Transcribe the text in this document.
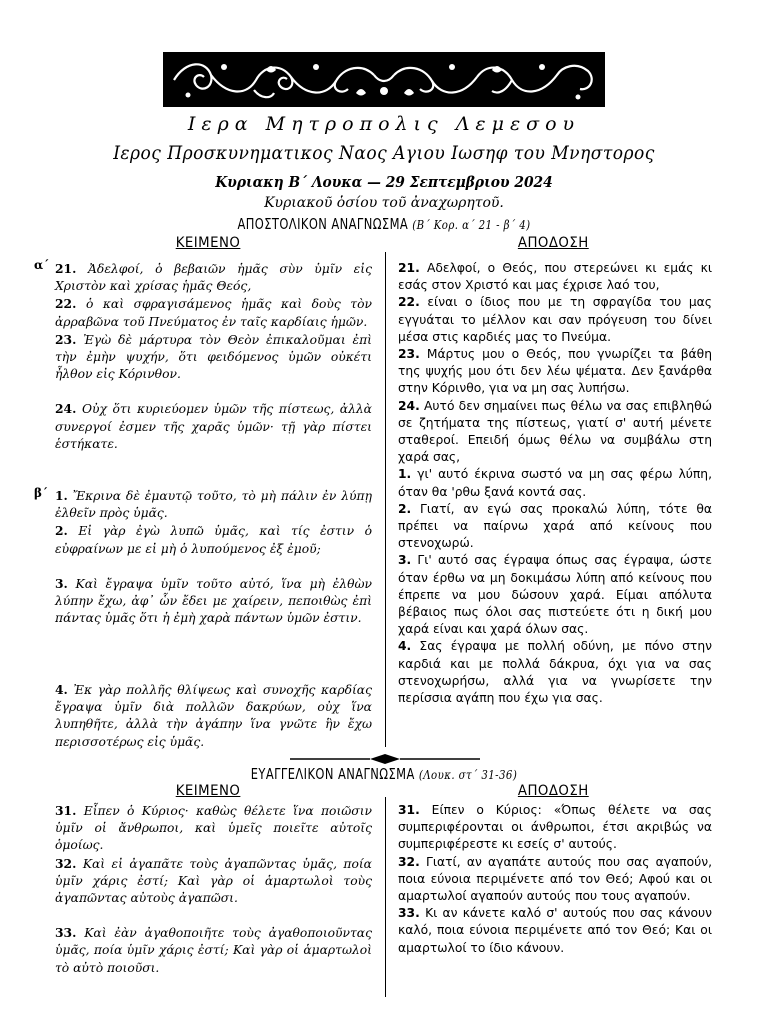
Ιερα Μητροπολις Λεμεσου
Ιερος Προσκυνηματικος Ναος Αγιου Ιωσηφ του Μνηστορος
Κυριακη Β΄ Λουκα — 29 Σεπτεμβριου 2024
Κυριακοῦ ὁσίου τοῦ ἀναχωρητοῦ.
ΑΠΟΣΤΟΛΙΚΟΝ ΑΝΑΓΝΩΣΜΑ (Β΄ Κορ. α΄ 21 - β΄ 4)
ΚΕΙΜΕΝΟ	ΑΠΟΔΟΣΗ
α΄
β΄

21. Ἀδελφοί, ὁ βεβαιῶν ἡμᾶς σὺν ὑμῖν εἰς Χριστὸν καὶ χρίσας ἡμᾶς Θεός,

22. ὁ καὶ σφραγισάμενος ἡμᾶς καὶ δοὺς τὸν ἀρραβῶνα τοῦ Πνεύματος ἐν ταῖς καρδίαις ἡμῶν.

23. Ἐγὼ δὲ μάρτυρα τὸν Θεὸν ἐπικαλοῦμαι ἐπὶ τὴν ἐμὴν ψυχήν, ὅτι φειδόμενος ὑμῶν οὐκέτι ἦλθον εἰς Κόρινθον.

24. Οὐχ ὅτι κυριεύομεν ὑμῶν τῆς πίστεως, ἀλλὰ συνεργοί ἐσμεν τῆς χαρᾶς ὑμῶν· τῇ γὰρ πίστει ἑστήκατε.

1. Ἔκρινα δὲ ἐμαυτῷ τοῦτο, τὸ μὴ πάλιν ἐν λύπῃ ἐλθεῖν πρὸς ὑμᾶς.

2. Εἰ γὰρ ἐγὼ λυπῶ ὑμᾶς, καὶ τίς ἐστιν ὁ εὐφραίνων με εἰ μὴ ὁ λυπούμενος ἐξ ἐμοῦ;

3. Καὶ ἔγραψα ὑμῖν τοῦτο αὐτό, ἵνα μὴ ἐλθὼν λύπην ἔχω, ἀφ᾿ ὧν ἔδει με χαίρειν, πεποιθὼς ἐπὶ πάντας ὑμᾶς ὅτι ἡ ἐμὴ χαρὰ πάντων ὑμῶν ἐστιν.

4. Ἐκ γὰρ πολλῆς θλίψεως καὶ συνοχῆς καρδίας ἔγραψα ὑμῖν διὰ πολλῶν δακρύων, οὐχ ἵνα λυπηθῆτε, ἀλλὰ τὴν ἀγάπην ἵνα γνῶτε ἣν ἔχω περισσοτέρως εἰς ὑμᾶς.

21. Αδελφοί, ο Θεός, που στερεώνει κι εμάς κι εσάς στον Χριστό και μας έχρισε λαό του,

22. είναι ο ίδιος που με τη σφραγίδα του μας εγγυάται το μέλλον και σαν πρόγευση του δίνει μέσα στις καρδιές μας το Πνεύμα.

23. Μάρτυς μου ο Θεός, που γνωρίζει τα βάθη της ψυχής μου ότι δεν λέω ψέματα. Δεν ξανάρθα στην Κόρινθο, για να μη σας λυπήσω.

24. Αυτό δεν σημαίνει πως θέλω να σας επιβληθώ σε ζητήματα της πίστεως, γιατί σ' αυτή μένετε σταθεροί. Επειδή όμως θέλω να συμβάλω στη χαρά σας,

1. γι' αυτό έκρινα σωστό να μη σας φέρω λύπη, όταν θα 'ρθω ξανά κοντά σας.

2. Γιατί, αν εγώ σας προκαλώ λύπη, τότε θα πρέπει να παίρνω χαρά από κείνους που στενοχωρώ.

3. Γι' αυτό σας έγραψα όπως σας έγραψα, ώστε όταν έρθω να μη δοκιμάσω λύπη από κείνους που έπρεπε να μου δώσουν χαρά. Είμαι απόλυτα βέβαιος πως όλοι σας πιστεύετε ότι η δική μου χαρά είναι και χαρά όλων σας.

4. Σας έγραψα με πολλή οδύνη, με πόνο στην καρδιά και με πολλά δάκρυα, όχι για να σας στενοχωρήσω, αλλά για να γνωρίσετε την περίσσια αγάπη που έχω για σας.

ΕΥΑΓΓΕΛΙΚΟΝ ΑΝΑΓΝΩΣΜΑ (Λουκ. στ΄ 31-36)
ΚΕΙΜΕΝΟ	ΑΠΟΔΟΣΗ

31. Εἶπεν ὁ Κύριος· καθὼς θέλετε ἵνα ποιῶσιν ὑμῖν οἱ ἄνθρωποι, καὶ ὑμεῖς ποιεῖτε αὐτοῖς ὁμοίως.

32. Καὶ εἰ ἀγαπᾶτε τοὺς ἀγαπῶντας ὑμᾶς, ποία ὑμῖν χάρις ἐστί; Καὶ γὰρ οἱ ἁμαρτωλοὶ τοὺς ἀγαπῶντας αὐτοὺς ἀγαπῶσι.

33. Καὶ ἐὰν ἀγαθοποιῆτε τοὺς ἀγαθοποιοῦντας ὑμᾶς, ποία ὑμῖν χάρις ἐστί; Καὶ γὰρ οἱ ἁμαρτωλοὶ τὸ αὐτὸ ποιοῦσι.

31. Είπεν ο Κύριος: «Όπως θέλετε να σας συμπεριφέρονται οι άνθρωποι, έτσι ακριβώς να συμπεριφέρεστε κι εσείς σ' αυτούς.

32. Γιατί, αν αγαπάτε αυτούς που σας αγαπούν, ποια εύνοια περιμένετε από τον Θεό; Αφού και οι αμαρτωλοί αγαπούν αυτούς που τους αγαπούν.

33. Κι αν κάνετε καλό σ' αυτούς που σας κάνουν καλό, ποια εύνοια περιμένετε από τον Θεό; Και οι αμαρτωλοί το ίδιο κάνουν.
